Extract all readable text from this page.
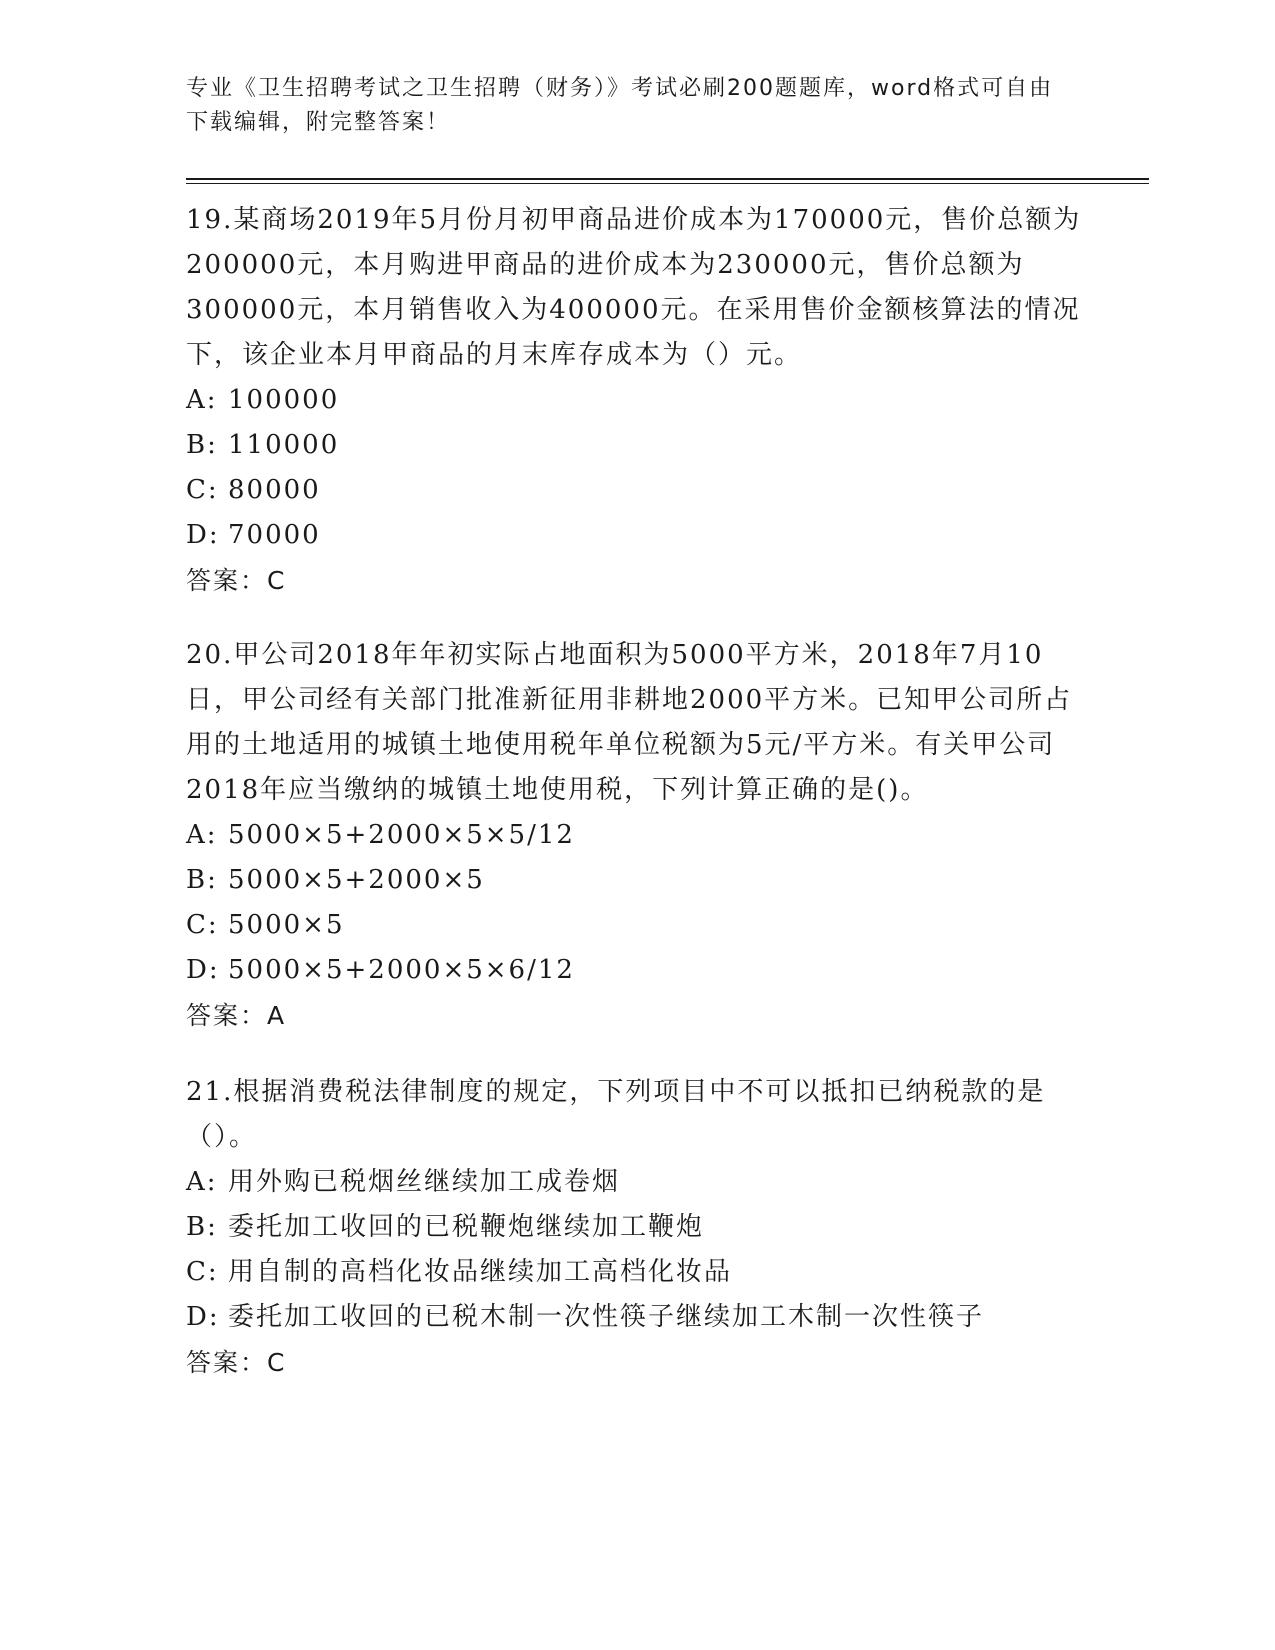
专业《卫生招聘考试之卫生招聘（财务）》考试必刷200题题库，word格式可自由下载编辑，附完整答案！

19.某商场2019年5月份月初甲商品进价成本为170000元，售价总额为200000元，本月购进甲商品的进价成本为230000元，售价总额为300000元，本月销售收入为400000元。在采用售价金额核算法的情况下，该企业本月甲商品的月末库存成本为（）元。

A: 100000

B: 110000

C: 80000

D: 70000

答案：C

20.甲公司2018年年初实际占地面积为5000平方米，2018年7月10日，甲公司经有关部门批准新征用非耕地2000平方米。已知甲公司所占用的土地适用的城镇土地使用税年单位税额为5元/平方米。有关甲公司2018年应当缴纳的城镇土地使用税，下列计算正确的是()。

A: 5000×5+2000×5×5/12

B: 5000×5+2000×5

C: 5000×5

D: 5000×5+2000×5×6/12

答案：A

21.根据消费税法律制度的规定，下列项目中不可以抵扣已纳税款的是（）。

A: 用外购已税烟丝继续加工成卷烟

B: 委托加工收回的已税鞭炮继续加工鞭炮

C: 用自制的高档化妆品继续加工高档化妆品

D: 委托加工收回的已税木制一次性筷子继续加工木制一次性筷子

答案：C
